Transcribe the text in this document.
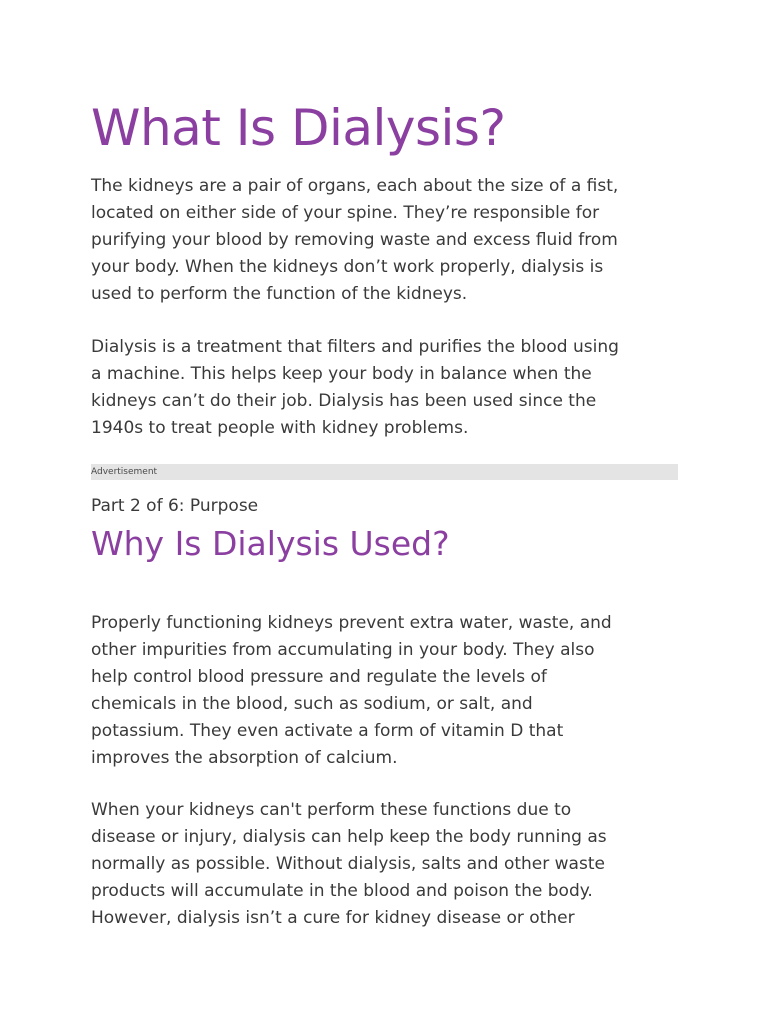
What Is Dialysis?

The kidneys are a pair of organs, each about the size of a fist,
located on either side of your spine. They’re responsible for
purifying your blood by removing waste and excess fluid from
your body. When the kidneys don’t work properly, dialysis is
used to perform the function of the kidneys.

Dialysis is a treatment that filters and purifies the blood using
a machine. This helps keep your body in balance when the
kidneys can’t do their job. Dialysis has been used since the
1940s to treat people with kidney problems.

Advertisement

Part 2 of 6: Purpose

Why Is Dialysis Used?

Properly functioning kidneys prevent extra water, waste, and
other impurities from accumulating in your body. They also
help control blood pressure and regulate the levels of
chemicals in the blood, such as sodium, or salt, and
potassium. They even activate a form of vitamin D that
improves the absorption of calcium.

When your kidneys can't perform these functions due to
disease or injury, dialysis can help keep the body running as
normally as possible. Without dialysis, salts and other waste
products will accumulate in the blood and poison the body.
However, dialysis isn’t a cure for kidney disease or other
